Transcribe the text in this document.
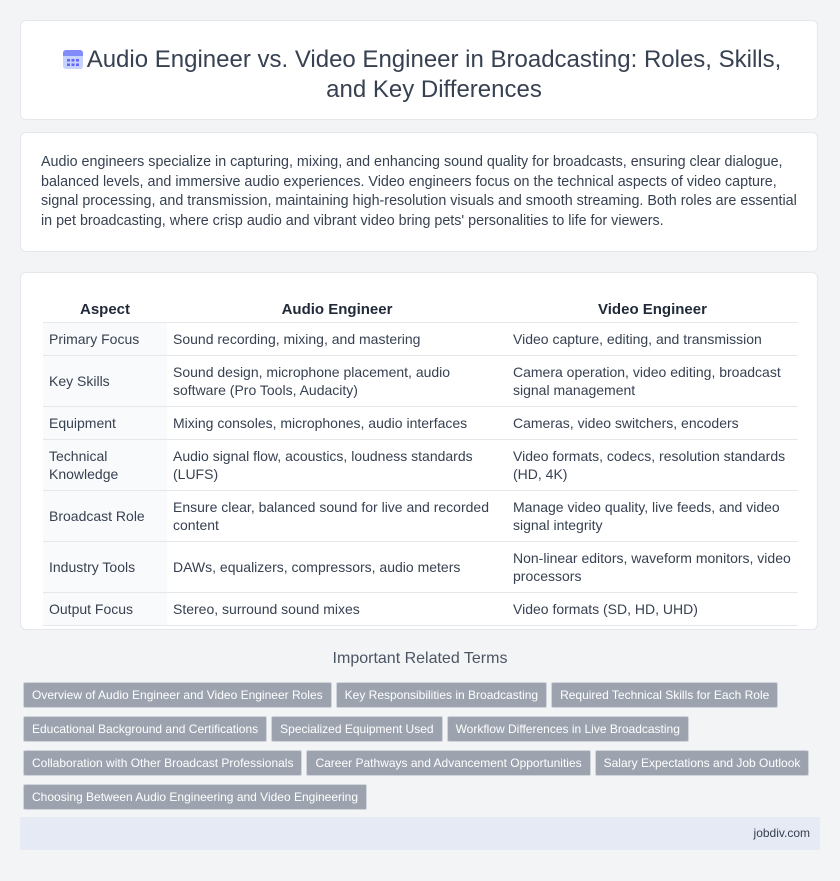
Audio Engineer vs. Video Engineer in Broadcasting: Roles, Skills, and Key Differences

Audio engineers specialize in capturing, mixing, and enhancing sound quality for broadcasts, ensuring clear dialogue, balanced levels, and immersive audio experiences. Video engineers focus on the technical aspects of video capture, signal processing, and transmission, maintaining high-resolution visuals and smooth streaming. Both roles are essential in pet broadcasting, where crisp audio and vibrant video bring pets' personalities to life for viewers.

Aspect	Audio Engineer	Video Engineer
Primary Focus	Sound recording, mixing, and mastering	Video capture, editing, and transmission
Key Skills	Sound design, microphone placement, audio software (Pro Tools, Audacity)	Camera operation, video editing, broadcast signal management
Equipment	Mixing consoles, microphones, audio interfaces	Cameras, video switchers, encoders
Technical Knowledge	Audio signal flow, acoustics, loudness standards (LUFS)	Video formats, codecs, resolution standards (HD, 4K)
Broadcast Role	Ensure clear, balanced sound for live and recorded content	Manage video quality, live feeds, and video signal integrity
Industry Tools	DAWs, equalizers, compressors, audio meters	Non-linear editors, waveform monitors, video processors
Output Focus	Stereo, surround sound mixes	Video formats (SD, HD, UHD)
Important Related Terms
Overview of Audio Engineer and Video Engineer Roles Key Responsibilities in Broadcasting Required Technical Skills for Each RoleEducational Background and Certifications Specialized Equipment Used Workflow Differences in Live BroadcastingCollaboration with Other Broadcast Professionals Career Pathways and Advancement Opportunities Salary Expectations and Job OutlookChoosing Between Audio Engineering and Video Engineering
jobdiv.com
